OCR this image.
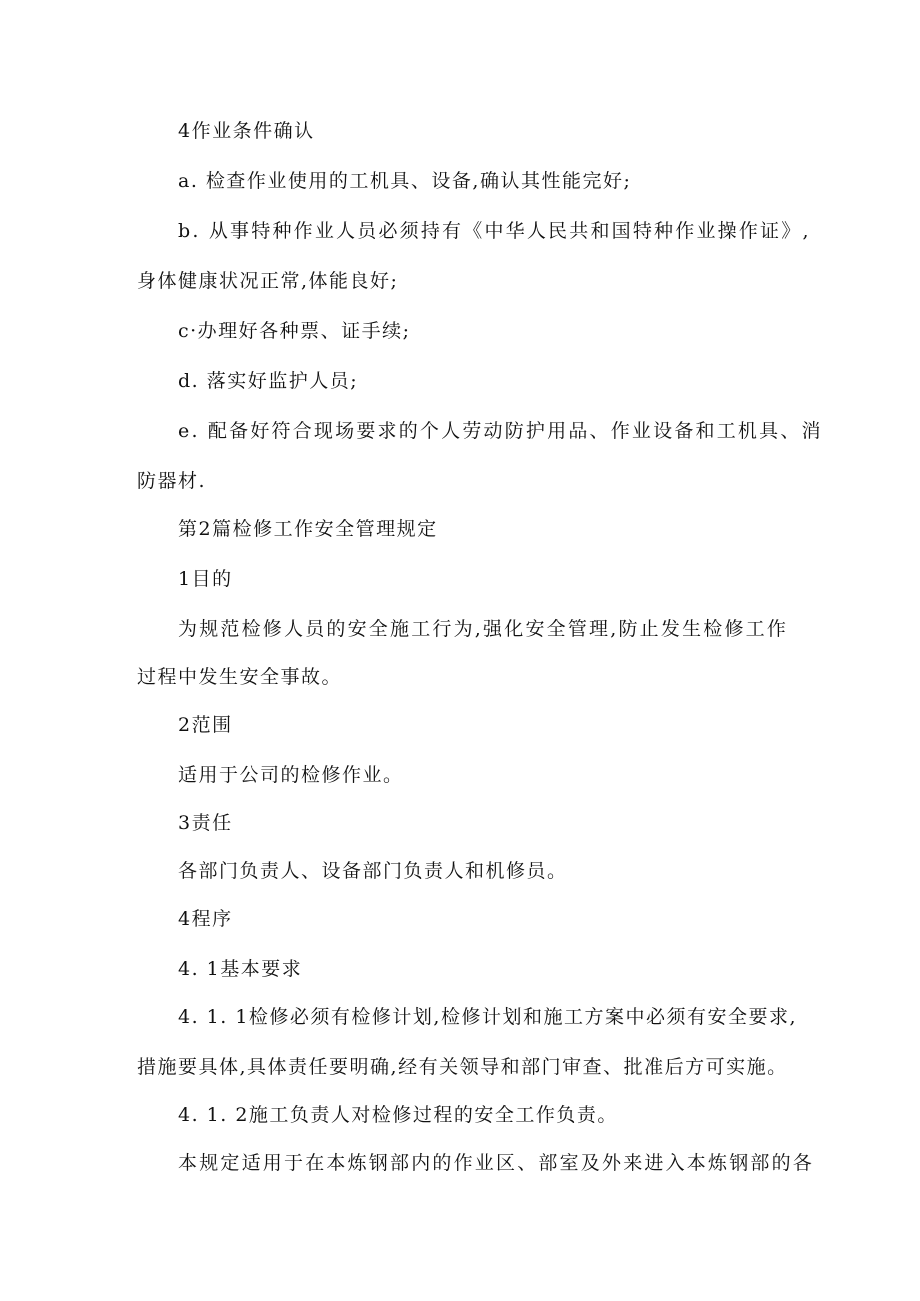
4作业条件确认
a. 检查作业使用的工机具、设备,确认其性能完好;
b. 从事特种作业人员必须持有《中华人民共和国特种作业操作证》,
身体健康状况正常,体能良好;
c·办理好各种票、证手续;
d. 落实好监护人员;
e. 配备好符合现场要求的个人劳动防护用品、作业设备和工机具、消
防器材.
第2篇检修工作安全管理规定
1目的
为规范检修人员的安全施工行为,强化安全管理,防止发生检修工作
过程中发生安全事故。
2范围
适用于公司的检修作业。
3责任
各部门负责人、设备部门负责人和机修员。
4程序
4. 1基本要求
4. 1. 1检修必须有检修计划,检修计划和施工方案中必须有安全要求,
措施要具体,具体责任要明确,经有关领导和部门审查、批准后方可实施。
4. 1. 2施工负责人对检修过程的安全工作负责。
本规定适用于在本炼钢部内的作业区、部室及外来进入本炼钢部的各
